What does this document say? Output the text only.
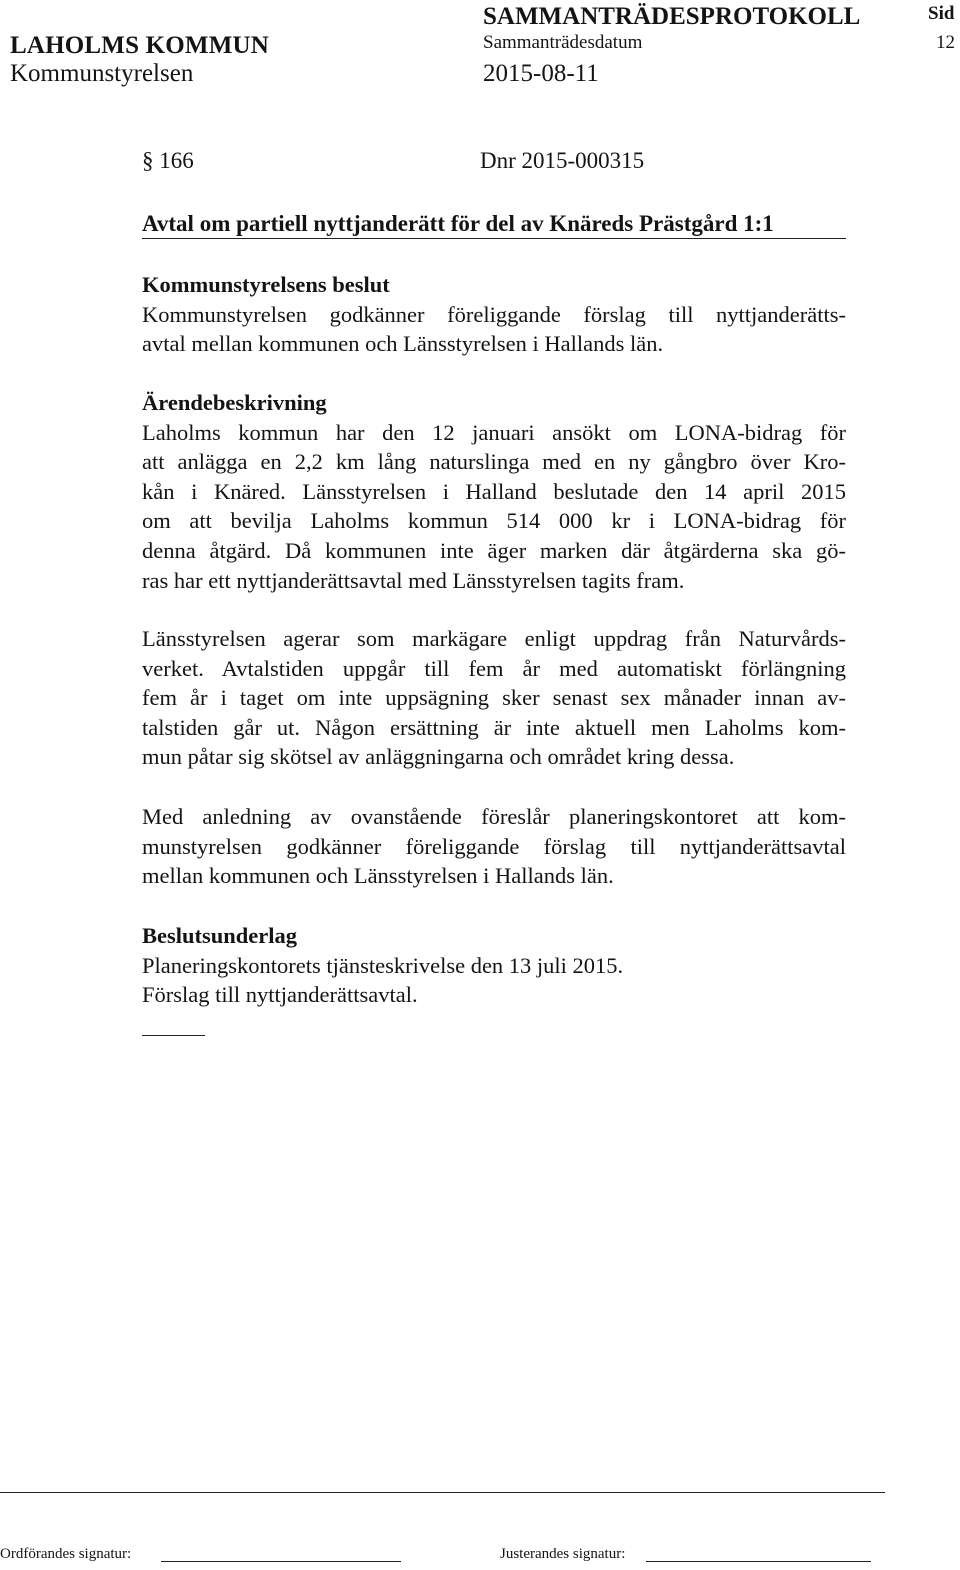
LAHOLMS KOMMUN
Kommunstyrelsen
SAMMANTRÄDESPROTOKOLL
Sammanträdesdatum
2015-08-11
Sid
12
§ 166	Dnr 2015-000315
Avtal om partiell nyttjanderätt för del av Knäreds Prästgård 1:1

Kommunstyrelsens beslut

Kommunstyrelsen godkänner föreliggande förslag till nyttjanderätts-
avtal mellan kommunen och Länsstyrelsen i Hallands län.

Ärendebeskrivning

Laholms kommun har den 12 januari ansökt om LONA-bidrag för
att anlägga en 2,2 km lång naturslinga med en ny gångbro över Kro-
kån i Knäred. Länsstyrelsen i Halland beslutade den 14 april 2015
om att bevilja Laholms kommun 514 000 kr i LONA-bidrag för
denna åtgärd. Då kommunen inte äger marken där åtgärderna ska gö-
ras har ett nyttjanderättsavtal med Länsstyrelsen tagits fram.
Länsstyrelsen agerar som markägare enligt uppdrag från Naturvårds-
verket. Avtalstiden uppgår till fem år med automatiskt förlängning
fem år i taget om inte uppsägning sker senast sex månader innan av-
talstiden går ut. Någon ersättning är inte aktuell men Laholms kom-
mun påtar sig skötsel av anläggningarna och området kring dessa.
Med anledning av ovanstående föreslår planeringskontoret att kom-
munstyrelsen godkänner föreliggande förslag till nyttjanderättsavtal
mellan kommunen och Länsstyrelsen i Hallands län.

Beslutsunderlag

Planeringskontorets tjänsteskrivelse den 13 juli 2015.
Förslag till nyttjanderättsavtal.
Ordförandes signatur:	Justerandes signatur:
